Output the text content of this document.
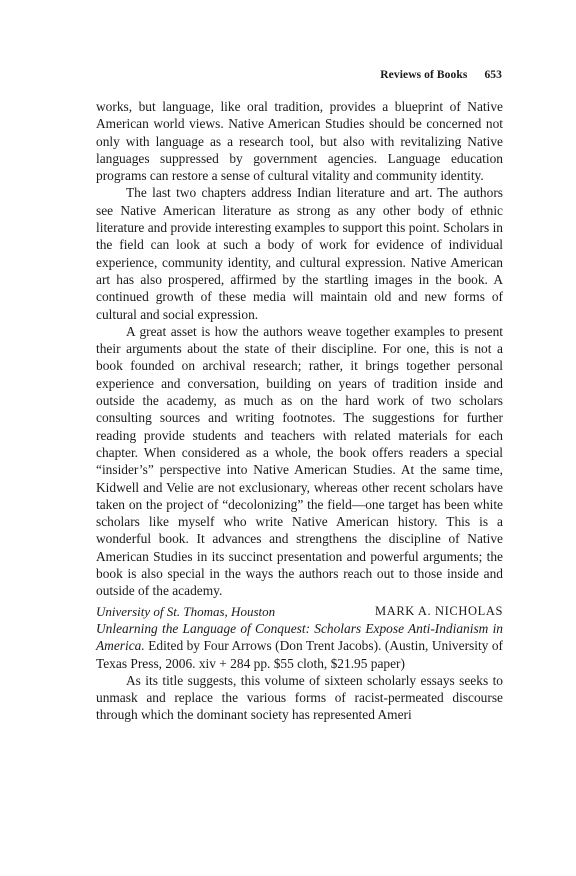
Reviews of Books 653

works, but language, like oral tradition, provides a blueprint of Native American world views. Native American Studies should be concerned not only with language as a research tool, but also with revitalizing Native languages suppressed by government agencies. Language education programs can restore a sense of cultural vitality and community identity.

The last two chapters address Indian literature and art. The authors see Native American literature as strong as any other body of ethnic literature and provide interesting examples to support this point. Scholars in the field can look at such a body of work for evidence of individual experience, community identity, and cultural expression. Native American art has also prospered, affirmed by the startling images in the book. A continued growth of these media will maintain old and new forms of cultural and social expression.

A great asset is how the authors weave together examples to present their arguments about the state of their discipline. For one, this is not a book founded on archival research; rather, it brings together personal experience and conversation, building on years of tradition inside and outside the academy, as much as on the hard work of two scholars consulting sources and writing footnotes. The suggestions for further reading provide students and teachers with related materials for each chapter. When considered as a whole, the book offers readers a special “insider’s” perspective into Native American Studies. At the same time, Kidwell and Velie are not exclusionary, whereas other recent scholars have taken on the project of “decolonizing” the field—one target has been white scholars like myself who write Native American history. This is a wonderful book. It advances and strengthens the discipline of Native American Studies in its succinct presentation and powerful arguments; the book is also special in the ways the authors reach out to those inside and outside of the academy.

University of St. Thomas, Houston	MARK A. NICHOLAS

Unlearning the Language of Conquest: Scholars Expose Anti-Indianism in America. Edited by Four Arrows (Don Trent Jacobs). (Austin, University of Texas Press, 2006. xiv + 284 pp. $55 cloth, $21.95 paper)

As its title suggests, this volume of sixteen scholarly essays seeks to unmask and replace the various forms of racist-permeated discourse through which the dominant society has represented Ameri
